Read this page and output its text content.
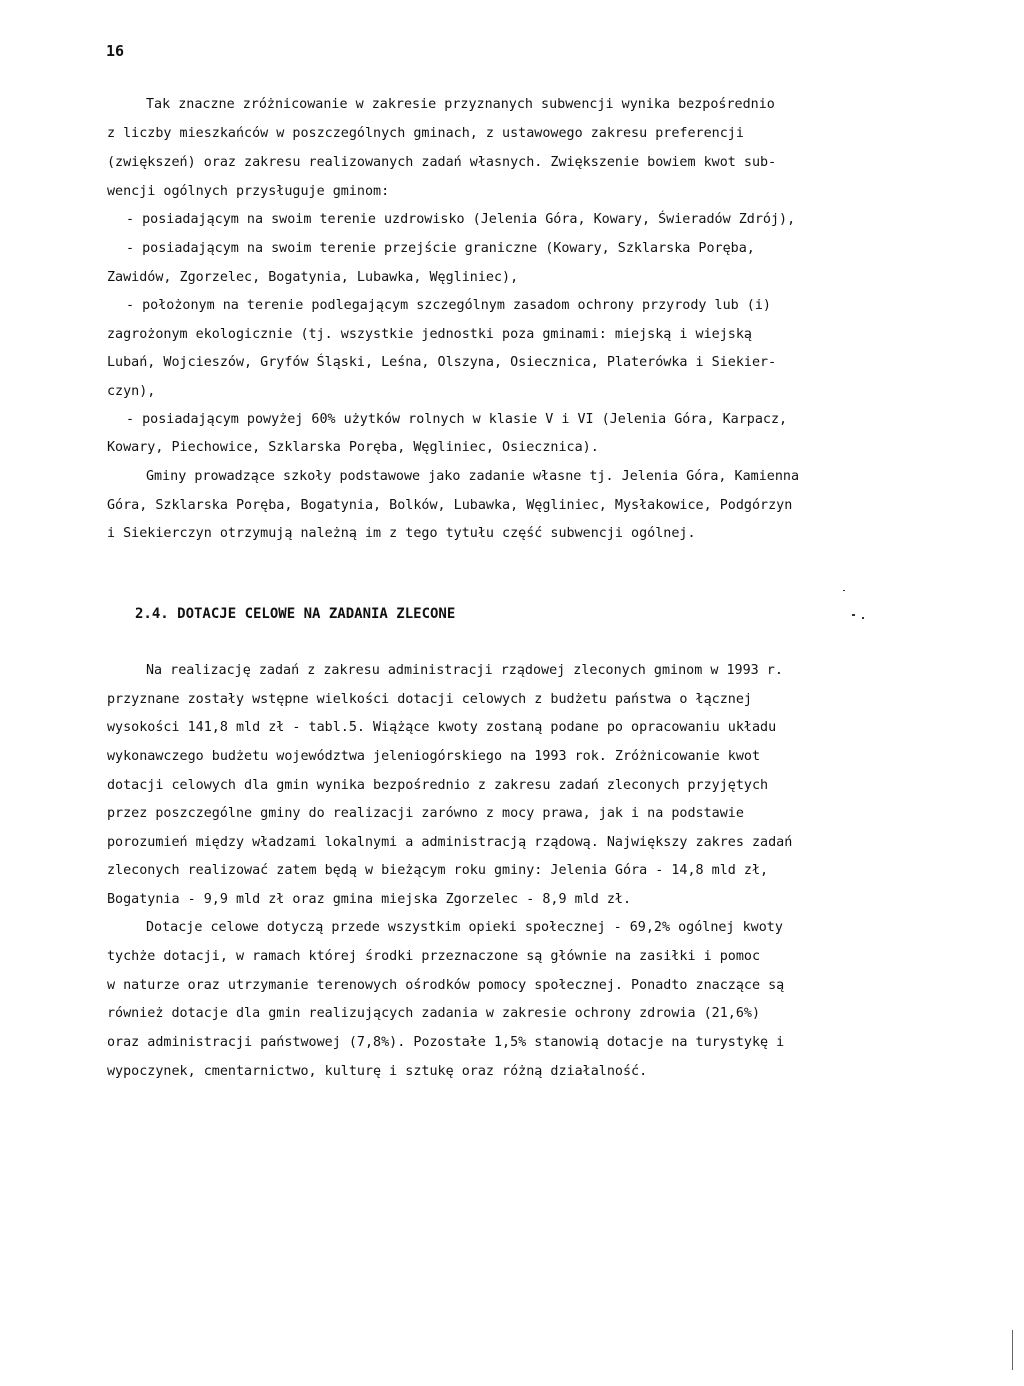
16
Tak znaczne zróżnicowanie w zakresie przyznanych subwencji wynika bezpośrednio
z liczby mieszkańców w poszczególnych gminach, z ustawowego zakresu preferencji
(zwiększeń) oraz zakresu realizowanych zadań własnych. Zwiększenie bowiem kwot sub-
wencji ogólnych przysługuje gminom:
- posiadającym na swoim terenie uzdrowisko (Jelenia Góra, Kowary, Świeradów Zdrój),
- posiadającym na swoim terenie przejście graniczne (Kowary, Szklarska Poręba,
Zawidów, Zgorzelec, Bogatynia, Lubawka, Węgliniec),
- położonym na terenie podlegającym szczególnym zasadom ochrony przyrody lub (i)
zagrożonym ekologicznie (tj. wszystkie jednostki poza gminami: miejską i wiejską
Lubań, Wojcieszów, Gryfów Śląski, Leśna, Olszyna, Osiecznica, Platerówka i Siekier-
czyn),
- posiadającym powyżej 60% użytków rolnych w klasie V i VI (Jelenia Góra, Karpacz,
Kowary, Piechowice, Szklarska Poręba, Węgliniec, Osiecznica).
Gminy prowadzące szkoły podstawowe jako zadanie własne tj. Jelenia Góra, Kamienna
Góra, Szklarska Poręba, Bogatynia, Bolków, Lubawka, Węgliniec, Mysłakowice, Podgórzyn
i Siekierczyn otrzymują należną im z tego tytułu część subwencji ogólnej.
2.4. DOTACJE CELOWE NA ZADANIA ZLECONE
Na realizację zadań z zakresu administracji rządowej zleconych gminom w 1993 r.
przyznane zostały wstępne wielkości dotacji celowych z budżetu państwa o łącznej
wysokości 141,8 mld zł - tabl.5. Wiążące kwoty zostaną podane po opracowaniu układu
wykonawczego budżetu województwa jeleniogórskiego na 1993 rok. Zróżnicowanie kwot
dotacji celowych dla gmin wynika bezpośrednio z zakresu zadań zleconych przyjętych
przez poszczególne gminy do realizacji zarówno z mocy prawa, jak i na podstawie
porozumień między władzami lokalnymi a administracją rządową. Największy zakres zadań
zleconych realizować zatem będą w bieżącym roku gminy: Jelenia Góra - 14,8 mld zł,
Bogatynia - 9,9 mld zł oraz gmina miejska Zgorzelec - 8,9 mld zł.
Dotacje celowe dotyczą przede wszystkim opieki społecznej - 69,2% ogólnej kwoty
tychże dotacji, w ramach której środki przeznaczone są głównie na zasiłki i pomoc
w naturze oraz utrzymanie terenowych ośrodków pomocy społecznej. Ponadto znaczące są
również dotacje dla gmin realizujących zadania w zakresie ochrony zdrowia (21,6%)
oraz administracji państwowej (7,8%). Pozostałe 1,5% stanowią dotacje na turystykę i
wypoczynek, cmentarnictwo, kulturę i sztukę oraz różną działalność.
